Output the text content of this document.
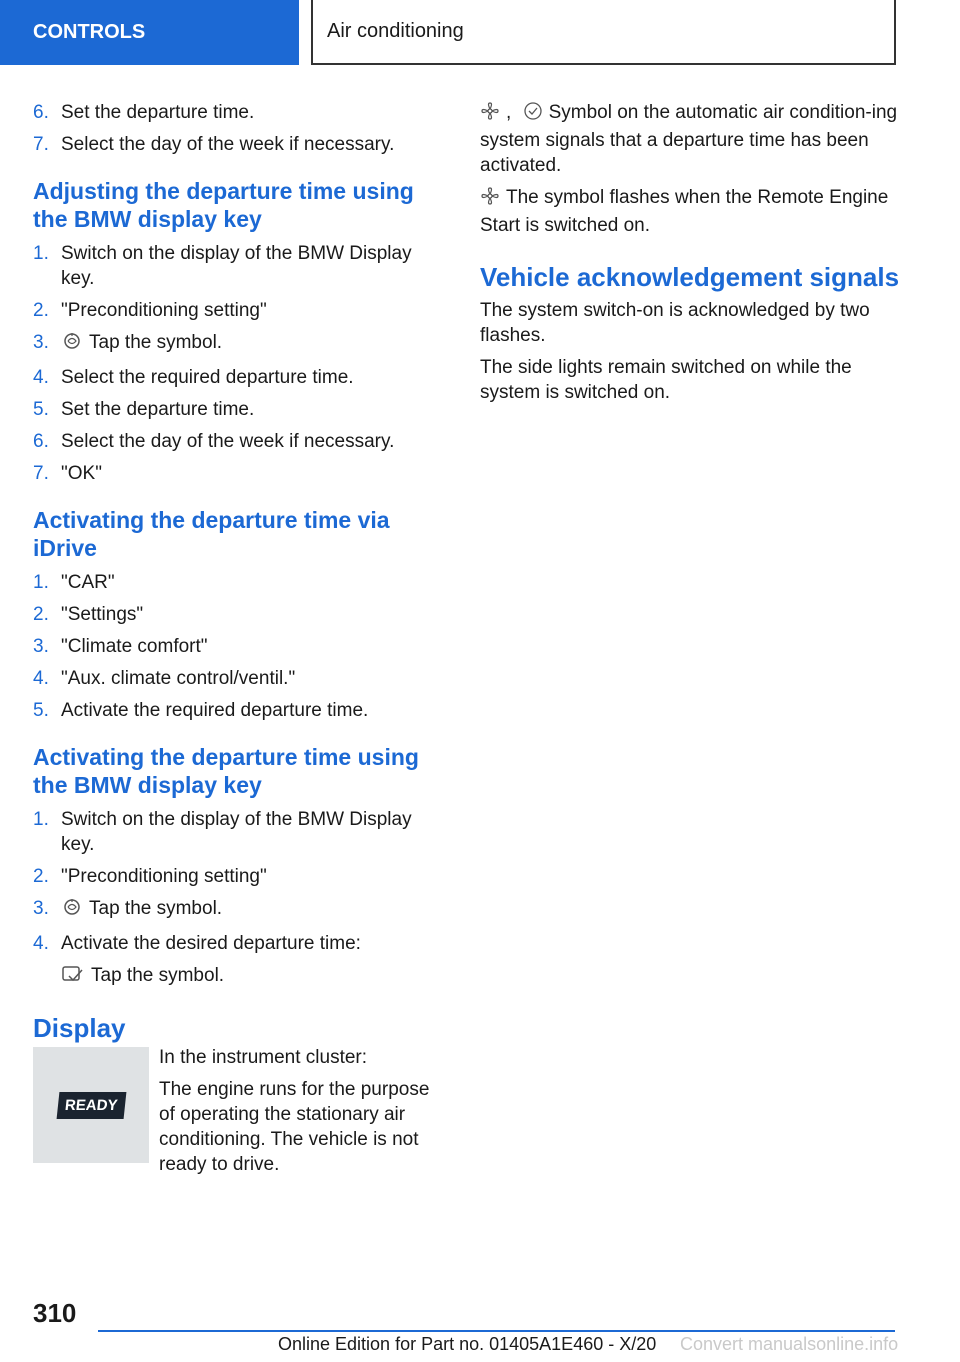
CONTROLS	Air conditioning
6. Set the departure time.
7. Select the day of the week if necessary.
Adjusting the departure time using the BMW display key
1. Switch on the display of the BMW Display key.
2. "Preconditioning setting"
3.	Tap the symbol.
4. Select the required departure time.
5. Set the departure time.
6. Select the day of the week if necessary.
7. "OK"
Activating the departure time via iDrive
1. "CAR"
2. "Settings"
3. "Climate comfort"
4. "Aux. climate control/ventil."
5. Activate the required departure time.
Activating the departure time using the BMW display key
1. Switch on the display of the BMW Display key.
2. "Preconditioning setting"
3.	Tap the symbol.
4. Activate the desired departure time:
Tap the symbol.
Display
READY

In the instrument cluster:

The engine runs for the purpose of operating the stationary air conditioning. The vehicle is not ready to drive.

, Symbol on the automatic air condition-ing system signals that a departure time has been activated.

The symbol flashes when the Remote Engine Start is switched on.

Vehicle acknowledgement signals

The system switch-on is acknowledged by two flashes.

The side lights remain switched on while the system is switched on.

310
Online Edition for Part no. 01405A1E460 - X/20 Convert manualsonline.info
